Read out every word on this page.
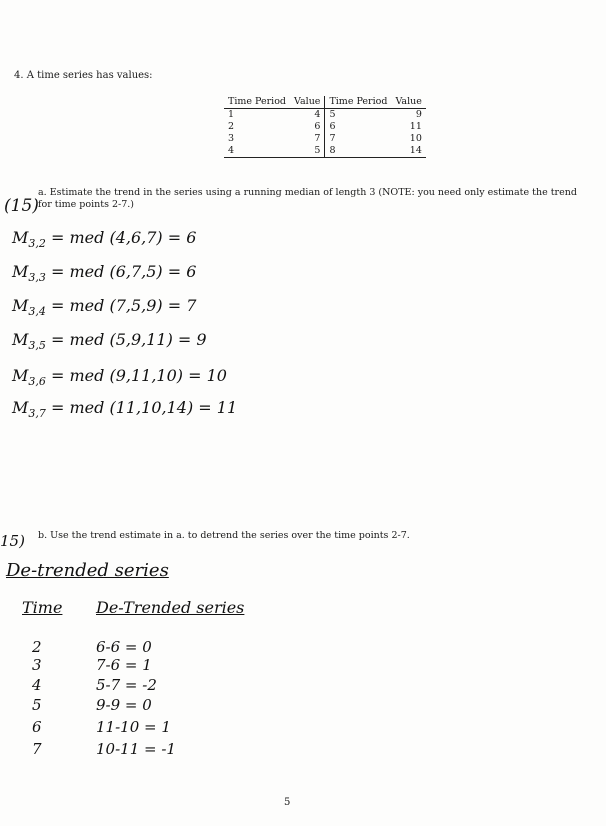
4. A time series has values:
Time Period	Value	Time Period	Value
1	4	5	9
2	6	6	11
3	7	7	10
4	5	8	14
(15)
a. Estimate the trend in the series using a running median of length 3 (NOTE: you need only estimate the trend for time points 2-7.)
$M_{3,2}$ = med (4,6,7) = 6
$M_{3,3}$ = med (6,7,5) = 6
$M_{3,4}$ = med (7,5,9) = 7
$M_{3,5}$ = med (5,9,11) = 9
$M_{3,6}$ = med (9,11,10) = 10
$M_{3,7}$ = med (11,10,14) = 11
15) b. Use the trend estimate in a. to detrend the series over the time points 2-7.
De-trended series
Time De-Trended series
2	6-6 = 0
3	7-6 = 1
4	5-7 = -2
5	9-9 = 0
6	11-10 = 1
7	10-11 = -1
5
